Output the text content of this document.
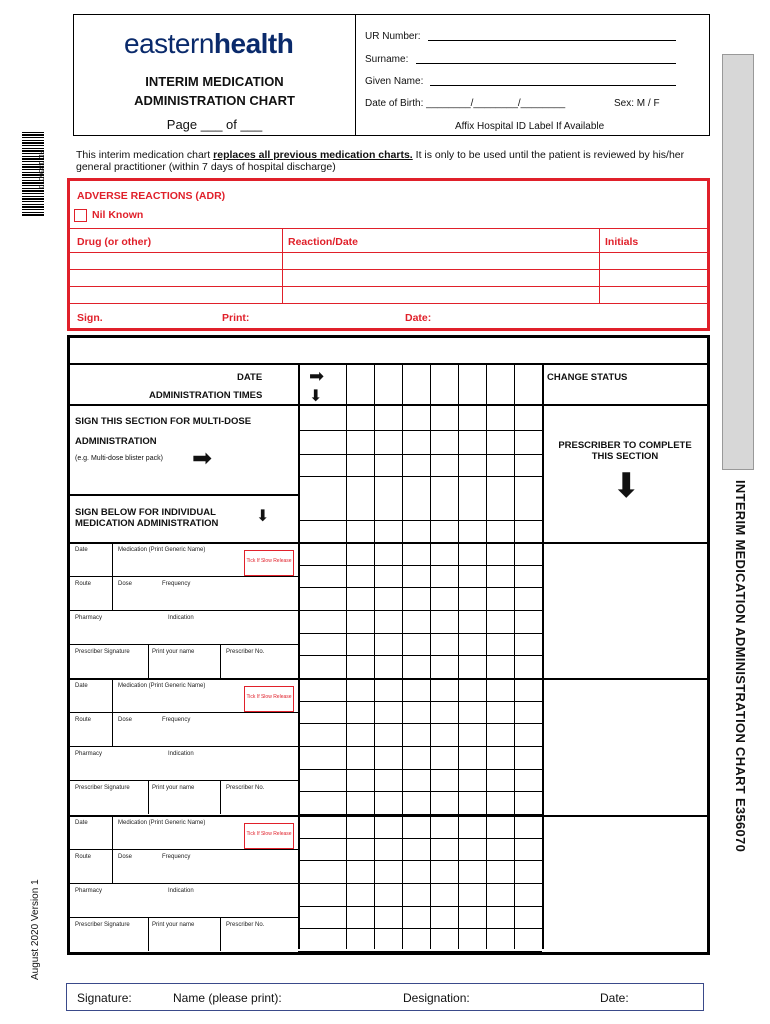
easternhealth
INTERIM MEDICATION
ADMINISTRATION CHART
Page ___ of ___
UR Number:
Surname:
Given Name:
Date of Birth: ________/________/________	Sex: M / F
Affix Hospital ID Label If Available
FD 1356070
INTERIM MEDICATION ADMINISTRATION CHART E356070
August 2020 Version 1
This interim medication chart replaces all previous medication charts. It is only to be used until the patient is reviewed by his/her general practitioner (within 7 days of hospital discharge)
ADVERSE REACTIONS (ADR)
Nil Known
Drug (or other)	Reaction/Date	Initials
Sign.	Print:	Date:
DATE
ADMINISTRATION TIMES
➡
⬇
CHANGE STATUS
SIGN THIS SECTION FOR MULTI-DOSE
ADMINISTRATION
(e.g. Multi-dose blister pack) ➡	PRESCRIBER TO COMPLETE THIS SECTION
⬇
SIGN BELOW FOR INDIVIDUAL
MEDICATION ADMINISTRATION ⬇
Date	Medication (Print Generic Name)
Route	Dose	Frequency
Pharmacy	Indication
Prescriber Signature	Print your name	Prescriber No.
Tick If Slow Release
Date	Medication (Print Generic Name)
Route	Dose	Frequency
Pharmacy	Indication
Prescriber Signature	Print your name	Prescriber No.
Tick If Slow Release
Date	Medication (Print Generic Name)
Route	Dose	Frequency
Pharmacy	Indication
Prescriber Signature	Print your name	Prescriber No.
Tick If Slow Release
Signature:	Name (please print):	Designation:	Date:
